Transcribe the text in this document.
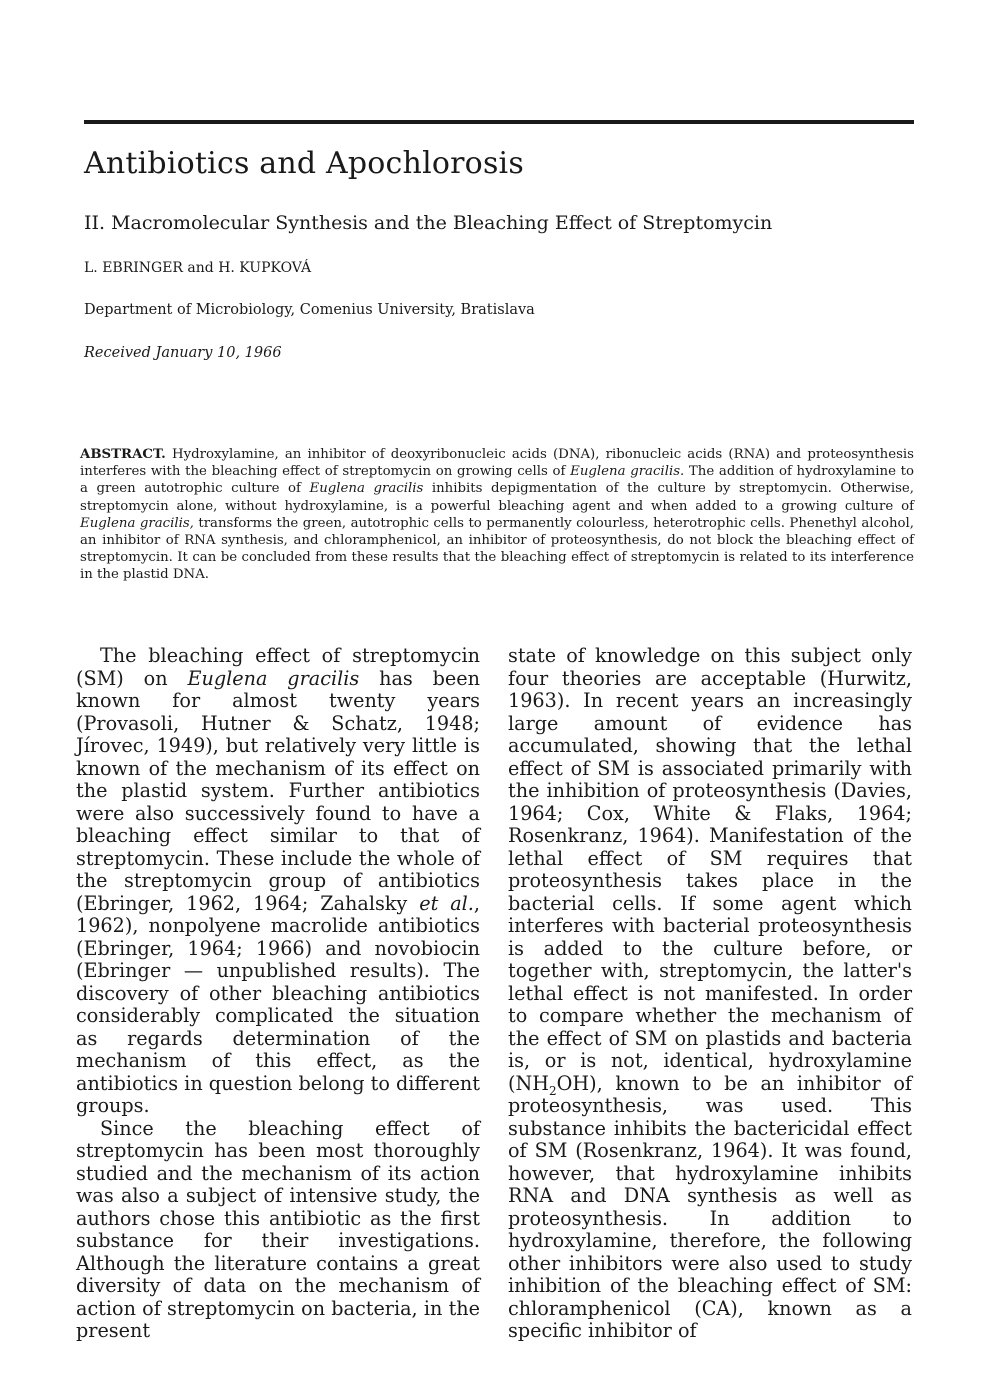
Antibiotics and Apochlorosis
II. Macromolecular Synthesis and the Bleaching Effect of Streptomycin

L. EBRINGER and H. KUPKOVÁ

Department of Microbiology, Comenius University, Bratislava

Received January 10, 1966

ABSTRACT. Hydroxylamine, an inhibitor of deoxyribonucleic acids (DNA), ribonucleic acids (RNA) and proteosynthesis interferes with the bleaching effect of streptomycin on growing cells of Euglena gracilis. The addition of hydroxylamine to a green autotrophic culture of Euglena gracilis inhibits depigmentation of the culture by streptomycin. Otherwise, streptomycin alone, without hydroxylamine, is a powerful bleaching agent and when added to a growing culture of Euglena gracilis, transforms the green, autotrophic cells to permanently colourless, heterotrophic cells. Phenethyl alcohol, an inhibitor of RNA synthesis, and chloramphenicol, an inhibitor of proteosynthesis, do not block the bleaching effect of streptomycin. It can be concluded from these results that the bleaching effect of streptomycin is related to its interference in the plastid DNA.

The bleaching effect of streptomycin (SM) on Euglena gracilis has been known for almost twenty years (Provasoli, Hutner & Schatz, 1948; Jírovec, 1949), but relatively very little is known of the mechanism of its effect on the plastid system. Further antibiotics were also successively found to have a bleaching effect similar to that of streptomycin. These include the whole of the streptomycin group of antibiotics (Ebringer, 1962, 1964; Zahalsky et al., 1962), nonpolyene macrolide antibiotics (Ebringer, 1964; 1966) and novobiocin (Ebringer — unpublished results). The discovery of other bleaching antibiotics considerably complicated the situation as regards determination of the mechanism of this effect, as the antibiotics in question belong to different groups.

Since the bleaching effect of streptomycin has been most thoroughly studied and the mechanism of its action was also a subject of intensive study, the authors chose this antibiotic as the first substance for their investigations. Although the literature contains a great diversity of data on the mechanism of action of streptomycin on bacteria, in the present

state of knowledge on this subject only four theories are acceptable (Hurwitz, 1963). In recent years an increasingly large amount of evidence has accumulated, showing that the lethal effect of SM is associated primarily with the inhibition of proteosynthesis (Davies, 1964; Cox, White & Flaks, 1964; Rosenkranz, 1964). Manifestation of the lethal effect of SM requires that proteosynthesis takes place in the bacterial cells. If some agent which interferes with bacterial proteosynthesis is added to the culture before, or together with, streptomycin, the latter's lethal effect is not manifested. In order to compare whether the mechanism of the effect of SM on plastids and bacteria is, or is not, identical, hydroxylamine $(NH_2OH)$, known to be an inhibitor of proteosynthesis, was used. This substance inhibits the bactericidal effect of SM (Rosenkranz, 1964). It was found, however, that hydroxylamine inhibits RNA and DNA synthesis as well as proteosynthesis. In addition to hydroxylamine, therefore, the following other inhibitors were also used to study inhibition of the bleaching effect of SM: chloramphenicol (CA), known as a specific inhibitor of
